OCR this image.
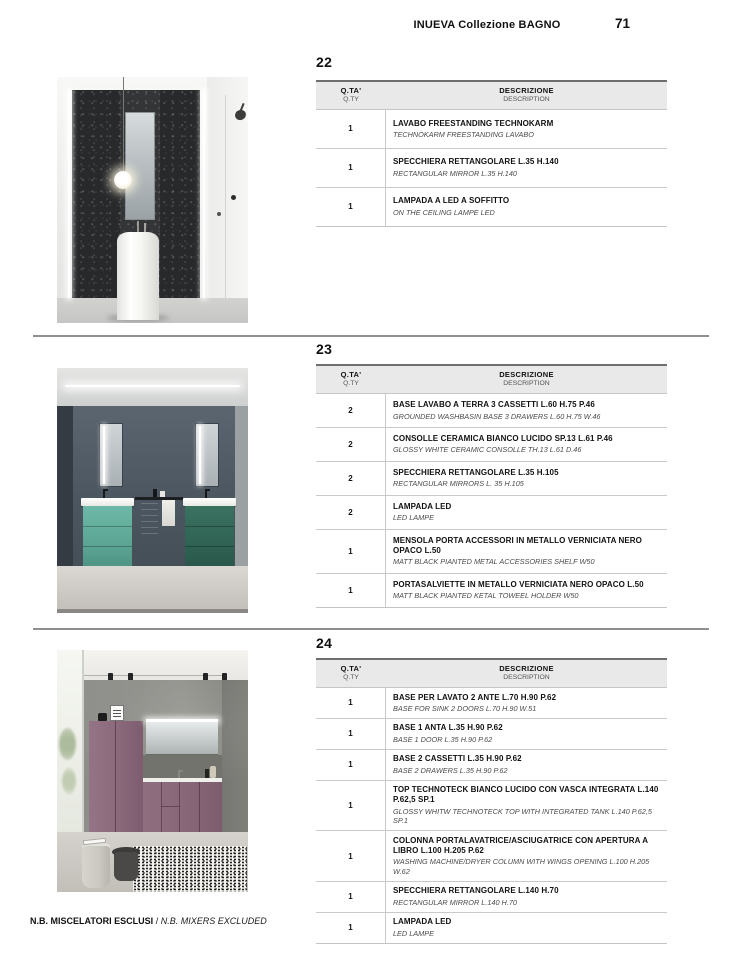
INUEVA Collezione BAGNO	71
22
Q.TA'
Q.TY
DESCRIZIONE
DESCRIPTION
1
LAVABO FREESTANDING TECHNOKARM
TECHNOKARM FREESTANDING LAVABO
1
SPECCHIERA RETTANGOLARE L.35 H.140
RECTANGULAR MIRROR L.35 H.140
1
LAMPADA A LED A SOFFITTO
ON THE CEILING LAMPE LED
23
Q.TA'
Q.TY
DESCRIZIONE
DESCRIPTION
2
BASE LAVABO A TERRA 3 CASSETTI L.60 H.75 P.46
GROUNDED WASHBASIN BASE 3 DRAWERS L.60 H.75 W.46
2
CONSOLLE CERAMICA BIANCO LUCIDO SP.13 L.61 P.46
GLOSSY WHITE CERAMIC CONSOLLE TH.13 L.61 D.46
2
SPECCHIERA RETTANGOLARE L.35 H.105
RECTANGULAR MIRRORS L. 35 H.105
2
LAMPADA LED
LED LAMPE
1
MENSOLA PORTA ACCESSORI IN METALLO VERNICIATA NERO OPACO L.50
MATT BLACK PIANTED METAL ACCESSORIES SHELF W50
1
PORTASALVIETTE IN METALLO VERNICIATA NERO OPACO L.50
MATT BLACK PIANTED KETAL TOWEEL HOLDER W50
24
Q.TA'
Q.TY
DESCRIZIONE
DESCRIPTION
1
BASE PER LAVATO 2 ANTE L.70 H.90 P.62
BASE FOR SINK 2 DOORS L.70 H.90 W.51
1
BASE 1 ANTA L.35 H.90 P.62
BASE 1 DOOR L.35 H.90 P.62
1
BASE 2 CASSETTI L.35 H.90 P.62
BASE 2 DRAWERS L.35 H.90 P.62
1
TOP TECHNOTECK BIANCO LUCIDO CON VASCA INTEGRATA L.140 P.62,5 SP.1
GLOSSY WHITW TECHNOTECK TOP WITH INTEGRATED TANK L.140 P.62,5 SP.1
1
COLONNA PORTALAVATRICE/ASCIUGATRICE CON APERTURA A LIBRO L.100 H.205 P.62
WASHING MACHINE/DRYER COLUMN WITH WINGS OPENING L.100 H.205 W.62
1
SPECCHIERA RETTANGOLARE L.140 H.70
RECTANGULAR MIRROR L.140 H.70
1
LAMPADA LED
LED LAMPE
N.B. MISCELATORI ESCLUSI / N.B. MIXERS EXCLUDED
